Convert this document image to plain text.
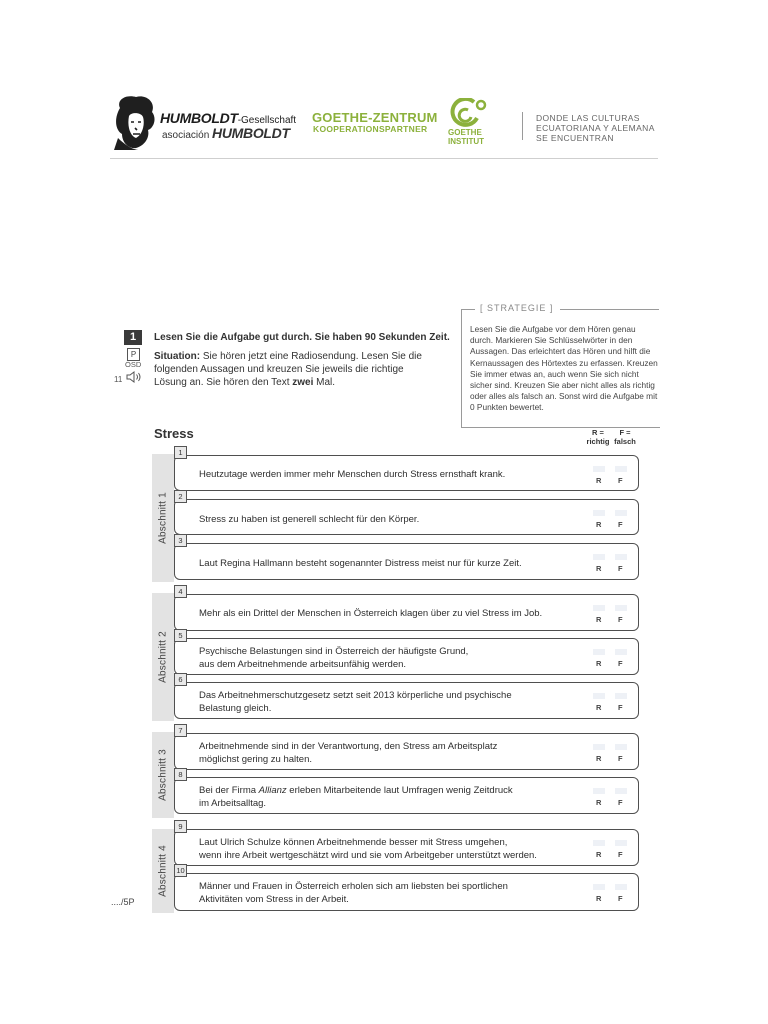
HUMBOLDT-Gesellschaft
asociación HUMBOLDT
GOETHE-ZENTRUM
KOOPERATIONSPARTNER	GOETHE
INSTITUT
DONDE LAS CULTURAS
ECUATORIANA Y ALEMANA
SE ENCUENTRAN
[ STRATEGIE ]
Lesen Sie die Aufgabe vor dem Hören genau durch. Markieren Sie Schlüsselwörter in den Aussagen. Das erleichtert das Hören und hilft die Kernaussagen des Hörtextes zu erfassen. Kreuzen Sie immer etwas an, auch wenn Sie sich nicht sicher sind. Kreuzen Sie aber nicht alles als richtig oder alles als falsch an. Sonst wird die Aufgabe mit 0 Punkten bewertet.
1
P
ÖSD
11
Lesen Sie die Aufgabe gut durch. Sie haben 90 Sekunden Zeit.
Situation: Sie hören jetzt eine Radiosendung. Lesen Sie die folgenden Aussagen und kreuzen Sie jeweils die richtige Lösung an. Sie hören den Text zwei Mal.
Stress	R =
richtig
F =
falsch
Abschnitt 1
Abschnitt 2
Abschnitt 3
Abschnitt 4
1
Heutzutage werden immer mehr Menschen durch Stress ernsthaft krank.
R F
2
Stress zu haben ist generell schlecht für den Körper.	R F
3
Laut Regina Hallmann besteht sogenannter Distress meist nur für kurze Zeit.	R F
4
Mehr als ein Drittel der Menschen in Österreich klagen über zu viel Stress im Job.
R F
5
Psychische Belastungen sind in Österreich der häufigste Grund,
aus dem Arbeitnehmende arbeitsunfähig werden.	R F
6
Das Arbeitnehmerschutzgesetz setzt seit 2013 körperliche und psychische
Belastung gleich.	R F
7
Arbeitnehmende sind in der Verantwortung, den Stress am Arbeitsplatz
möglichst gering zu halten.	R F
8
Bei der Firma Allianz erleben Mitarbeitende laut Umfragen wenig Zeitdruck
im Arbeitsalltag.	R F
9
Laut Ulrich Schulze können Arbeitnehmende besser mit Stress umgehen,
wenn ihre Arbeit wertgeschätzt wird und sie vom Arbeitgeber unterstützt werden.	R F
10
Männer und Frauen in Österreich erholen sich am liebsten bei sportlichen
Aktivitäten vom Stress in der Arbeit.	R F
..../5P
